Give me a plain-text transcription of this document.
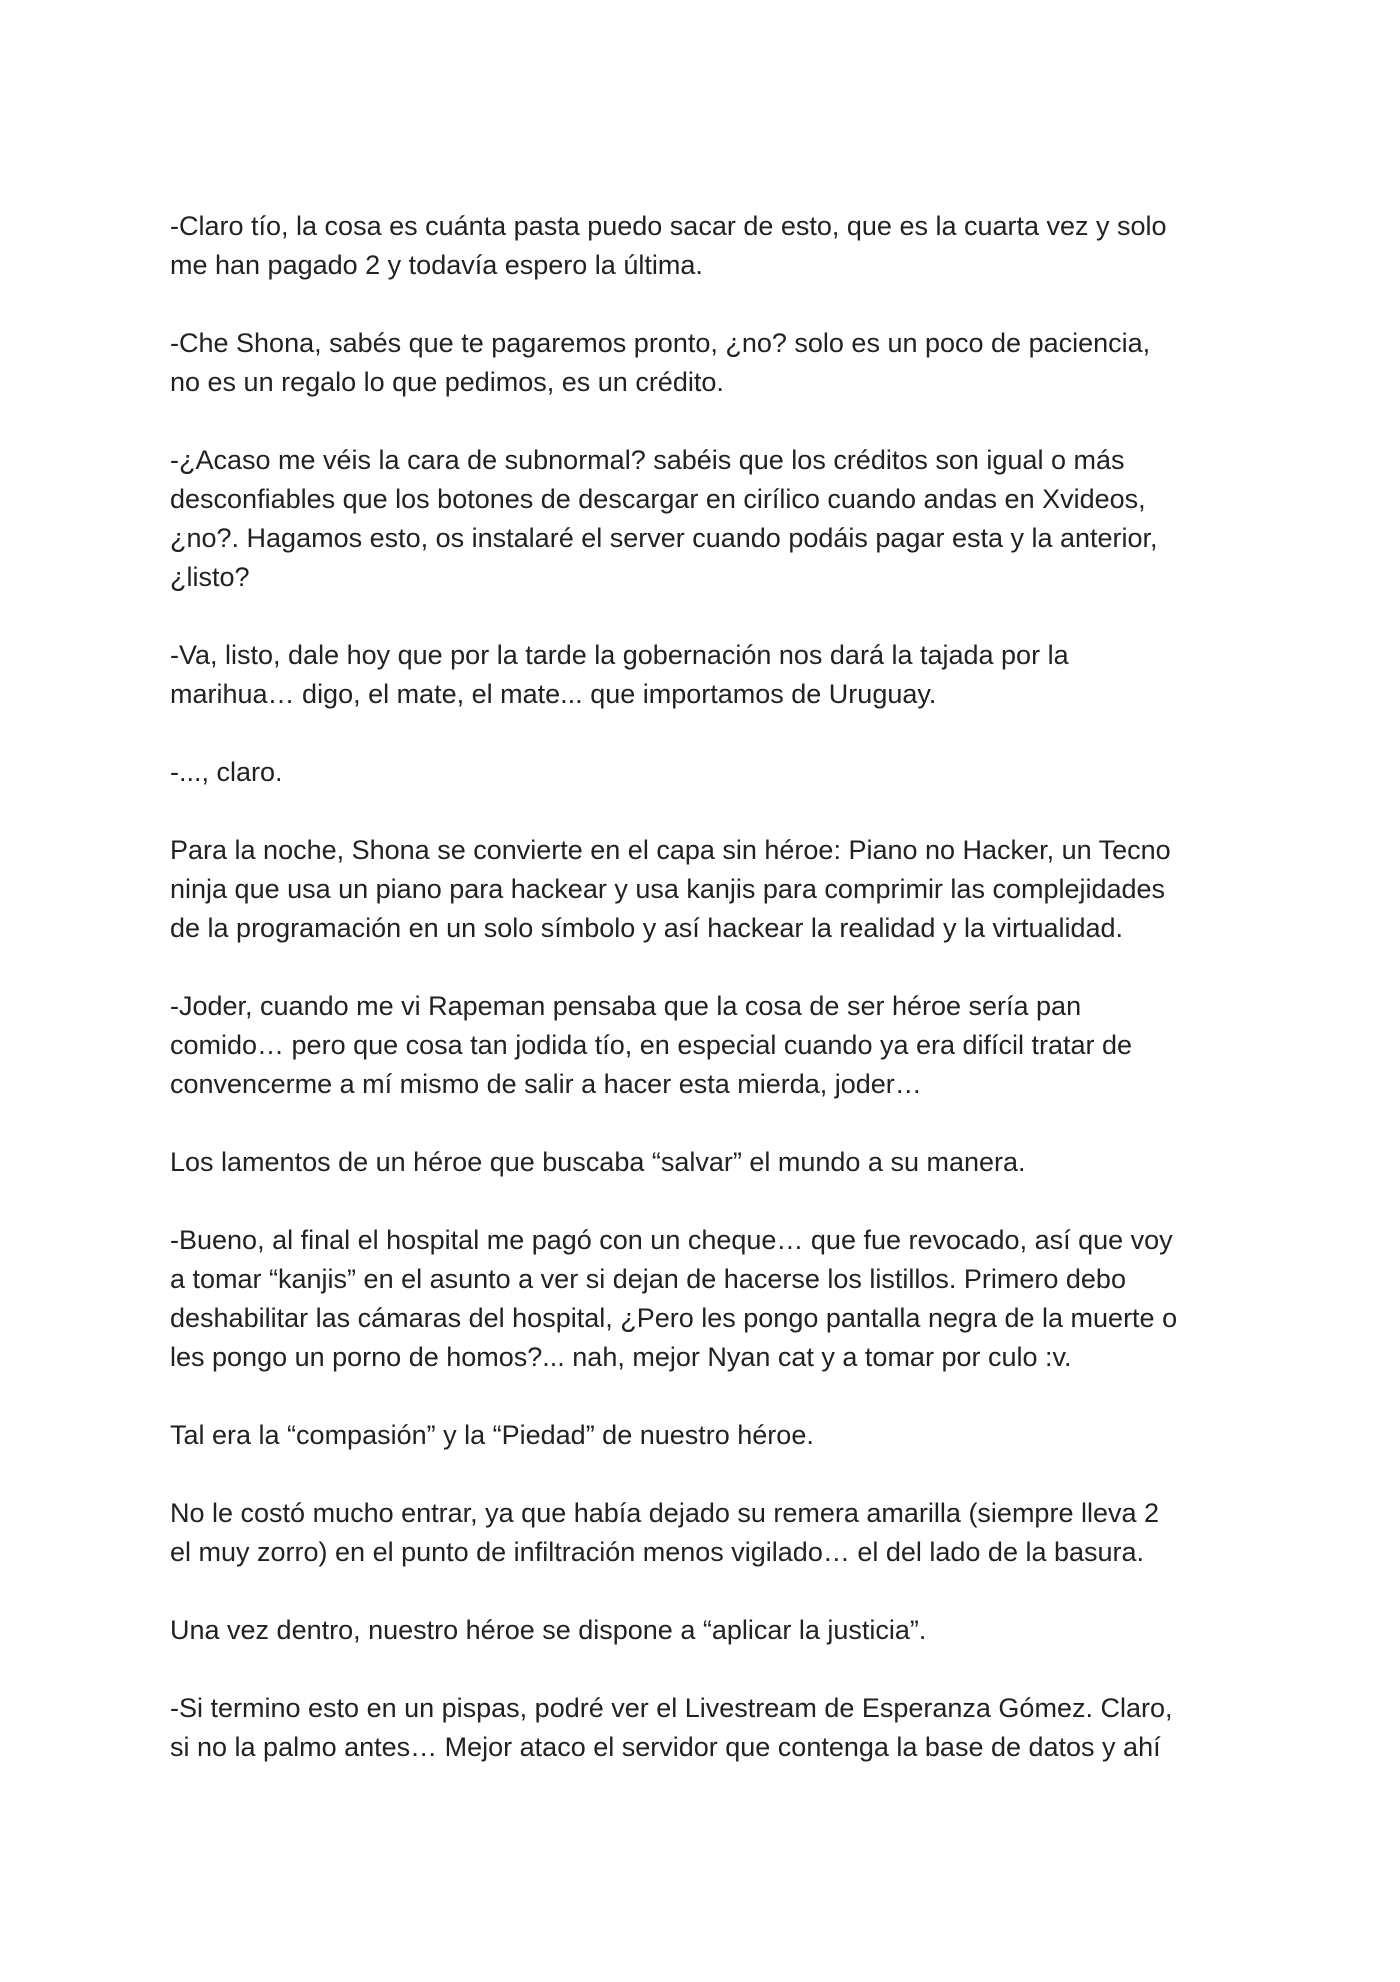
-Claro tío, la cosa es cuánta pasta puedo sacar de esto, que es la cuarta vez y solo
me han pagado 2 y todavía espero la última.

-Che Shona, sabés que te pagaremos pronto, ¿no? solo es un poco de paciencia,
no es un regalo lo que pedimos, es un crédito.

-¿Acaso me véis la cara de subnormal? sabéis que los créditos son igual o más
desconfiables que los botones de descargar en cirílico cuando andas en Xvideos,
¿no?. Hagamos esto, os instalaré el server cuando podáis pagar esta y la anterior,
¿listo?

-Va, listo, dale hoy que por la tarde la gobernación nos dará la tajada por la
marihua… digo, el mate, el mate... que importamos de Uruguay.

-..., claro.

Para la noche, Shona se convierte en el capa sin héroe: Piano no Hacker, un Tecno
ninja que usa un piano para hackear y usa kanjis para comprimir las complejidades
de la programación en un solo símbolo y así hackear la realidad y la virtualidad.

-Joder, cuando me vi Rapeman pensaba que la cosa de ser héroe sería pan
comido… pero que cosa tan jodida tío, en especial cuando ya era difícil tratar de
convencerme a mí mismo de salir a hacer esta mierda, joder…

Los lamentos de un héroe que buscaba “salvar” el mundo a su manera.

-Bueno, al final el hospital me pagó con un cheque… que fue revocado, así que voy
a tomar “kanjis” en el asunto a ver si dejan de hacerse los listillos. Primero debo
deshabilitar las cámaras del hospital, ¿Pero les pongo pantalla negra de la muerte o
les pongo un porno de homos?... nah, mejor Nyan cat y a tomar por culo :v.

Tal era la “compasión” y la “Piedad” de nuestro héroe.

No le costó mucho entrar, ya que había dejado su remera amarilla (siempre lleva 2
el muy zorro) en el punto de infiltración menos vigilado… el del lado de la basura.

Una vez dentro, nuestro héroe se dispone a “aplicar la justicia”.

-Si termino esto en un pispas, podré ver el Livestream de Esperanza Gómez. Claro,
si no la palmo antes… Mejor ataco el servidor que contenga la base de datos y ahí
